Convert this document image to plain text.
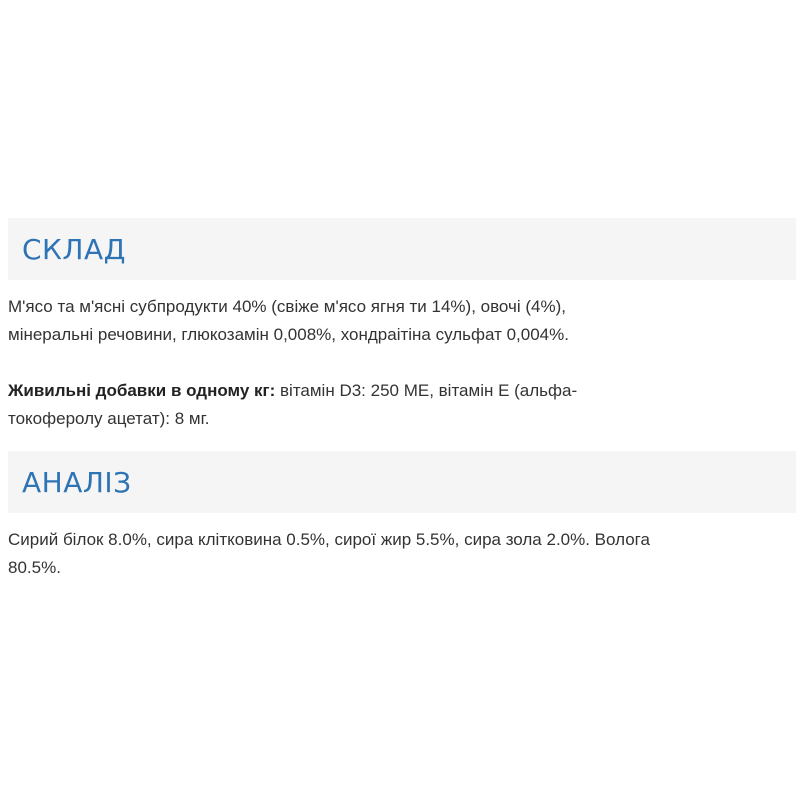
СКЛАД

М'ясо та м'ясні субпродукти 40% (свіже м'ясо ягня ти 14%), овочі (4%),
мінеральні речовини, глюкозамін 0,008%, хондраітіна сульфат 0,004%.

Живильні добавки в одному кг: вітамін D3: 250 МЕ, вітамін Е (альфа-
токоферолу ацетат): 8 мг.

АНАЛІЗ

Сирий білок 8.0%, сира клітковина 0.5%, сирої жир 5.5%, сира зола 2.0%. Волога
80.5%.
